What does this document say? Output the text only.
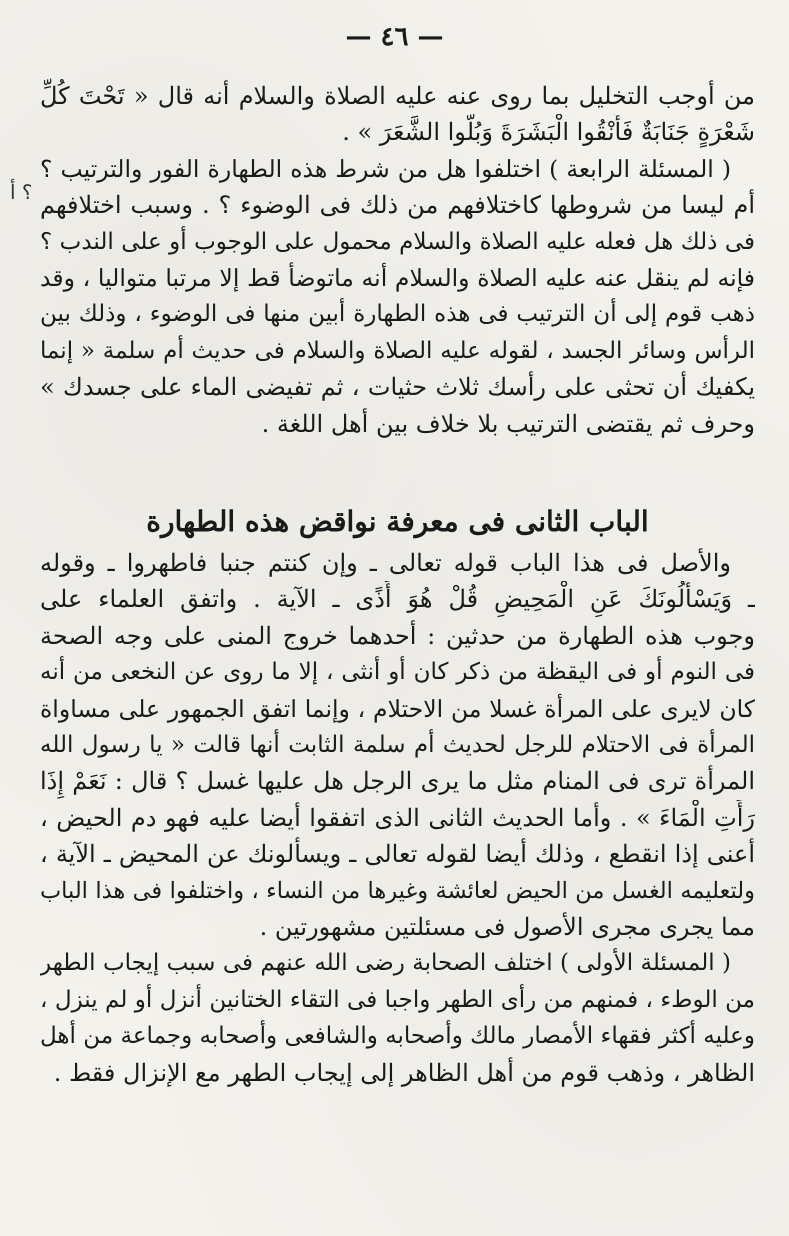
— ٤٦ —
؟ أ
من أوجب التخليل بما روى عنه عليه الصلاة والسلام أنه قال « تَحْتَ كُلِّ
شَعْرَةٍ جَنَابَةٌ فَأَنْقُوا الْبَشَرَةَ وَبُلُّوا الشَّعَرَ » .
( المسئلة الرابعة ) اختلفوا هل من شرط هذه الطهارة الفور والترتيب ؟
أم ليسا من شروطها كاختلافهم من ذلك فى الوضوء ؟ . وسبب اختلافهم
فى ذلك هل فعله عليه الصلاة والسلام محمول على الوجوب أو على الندب ؟
فإنه لم ينقل عنه عليه الصلاة والسلام أنه ماتوضأ قط إلا مرتبا متواليا ، وقد
ذهب قوم إلى أن الترتيب فى هذه الطهارة أبين منها فى الوضوء ، وذلك بين
الرأس وسائر الجسد ، لقوله عليه الصلاة والسلام فى حديث أم سلمة « إنما
يكفيك أن تحثى على رأسك ثلاث حثيات ، ثم تفيضى الماء على جسدك »
وحرف ثم يقتضى الترتيب بلا خلاف بين أهل اللغة .
الباب الثانى فى معرفة نواقض هذه الطهارة
والأصل فى هذا الباب قوله تعالى ـ وإن كنتم جنبا فاطهروا ـ وقوله
ـ وَيَسْأَلُونَكَ عَنِ الْمَحِيضِ قُلْ هُوَ أَذًى ـ الآية . واتفق العلماء على
وجوب هذه الطهارة من حدثين : أحدهما خروج المنى على وجه الصحة
فى النوم أو فى اليقظة من ذكر كان أو أنثى ، إلا ما روى عن النخعى من أنه
كان لايرى على المرأة غسلا من الاحتلام ، وإنما اتفق الجمهور على مساواة
المرأة فى الاحتلام للرجل لحديث أم سلمة الثابت أنها قالت « يا رسول الله
المرأة ترى فى المنام مثل ما يرى الرجل هل عليها غسل ؟ قال : نَعَمْ إِذَا
رَأَتِ الْمَاءَ » . وأما الحديث الثانى الذى اتفقوا أيضا عليه فهو دم الحيض ،
أعنى إذا انقطع ، وذلك أيضا لقوله تعالى ـ ويسألونك عن المحيض ـ الآية ،
ولتعليمه الغسل من الحيض لعائشة وغيرها من النساء ، واختلفوا فى هذا الباب
مما يجرى مجرى الأصول فى مسئلتين مشهورتين .
( المسئلة الأولى ) اختلف الصحابة رضى الله عنهم فى سبب إيجاب الطهر
من الوطء ، فمنهم من رأى الطهر واجبا فى التقاء الختانين أنزل أو لم ينزل ،
وعليه أكثر فقهاء الأمصار مالك وأصحابه والشافعى وأصحابه وجماعة من أهل
الظاهر ، وذهب قوم من أهل الظاهر إلى إيجاب الطهر مع الإنزال فقط .
